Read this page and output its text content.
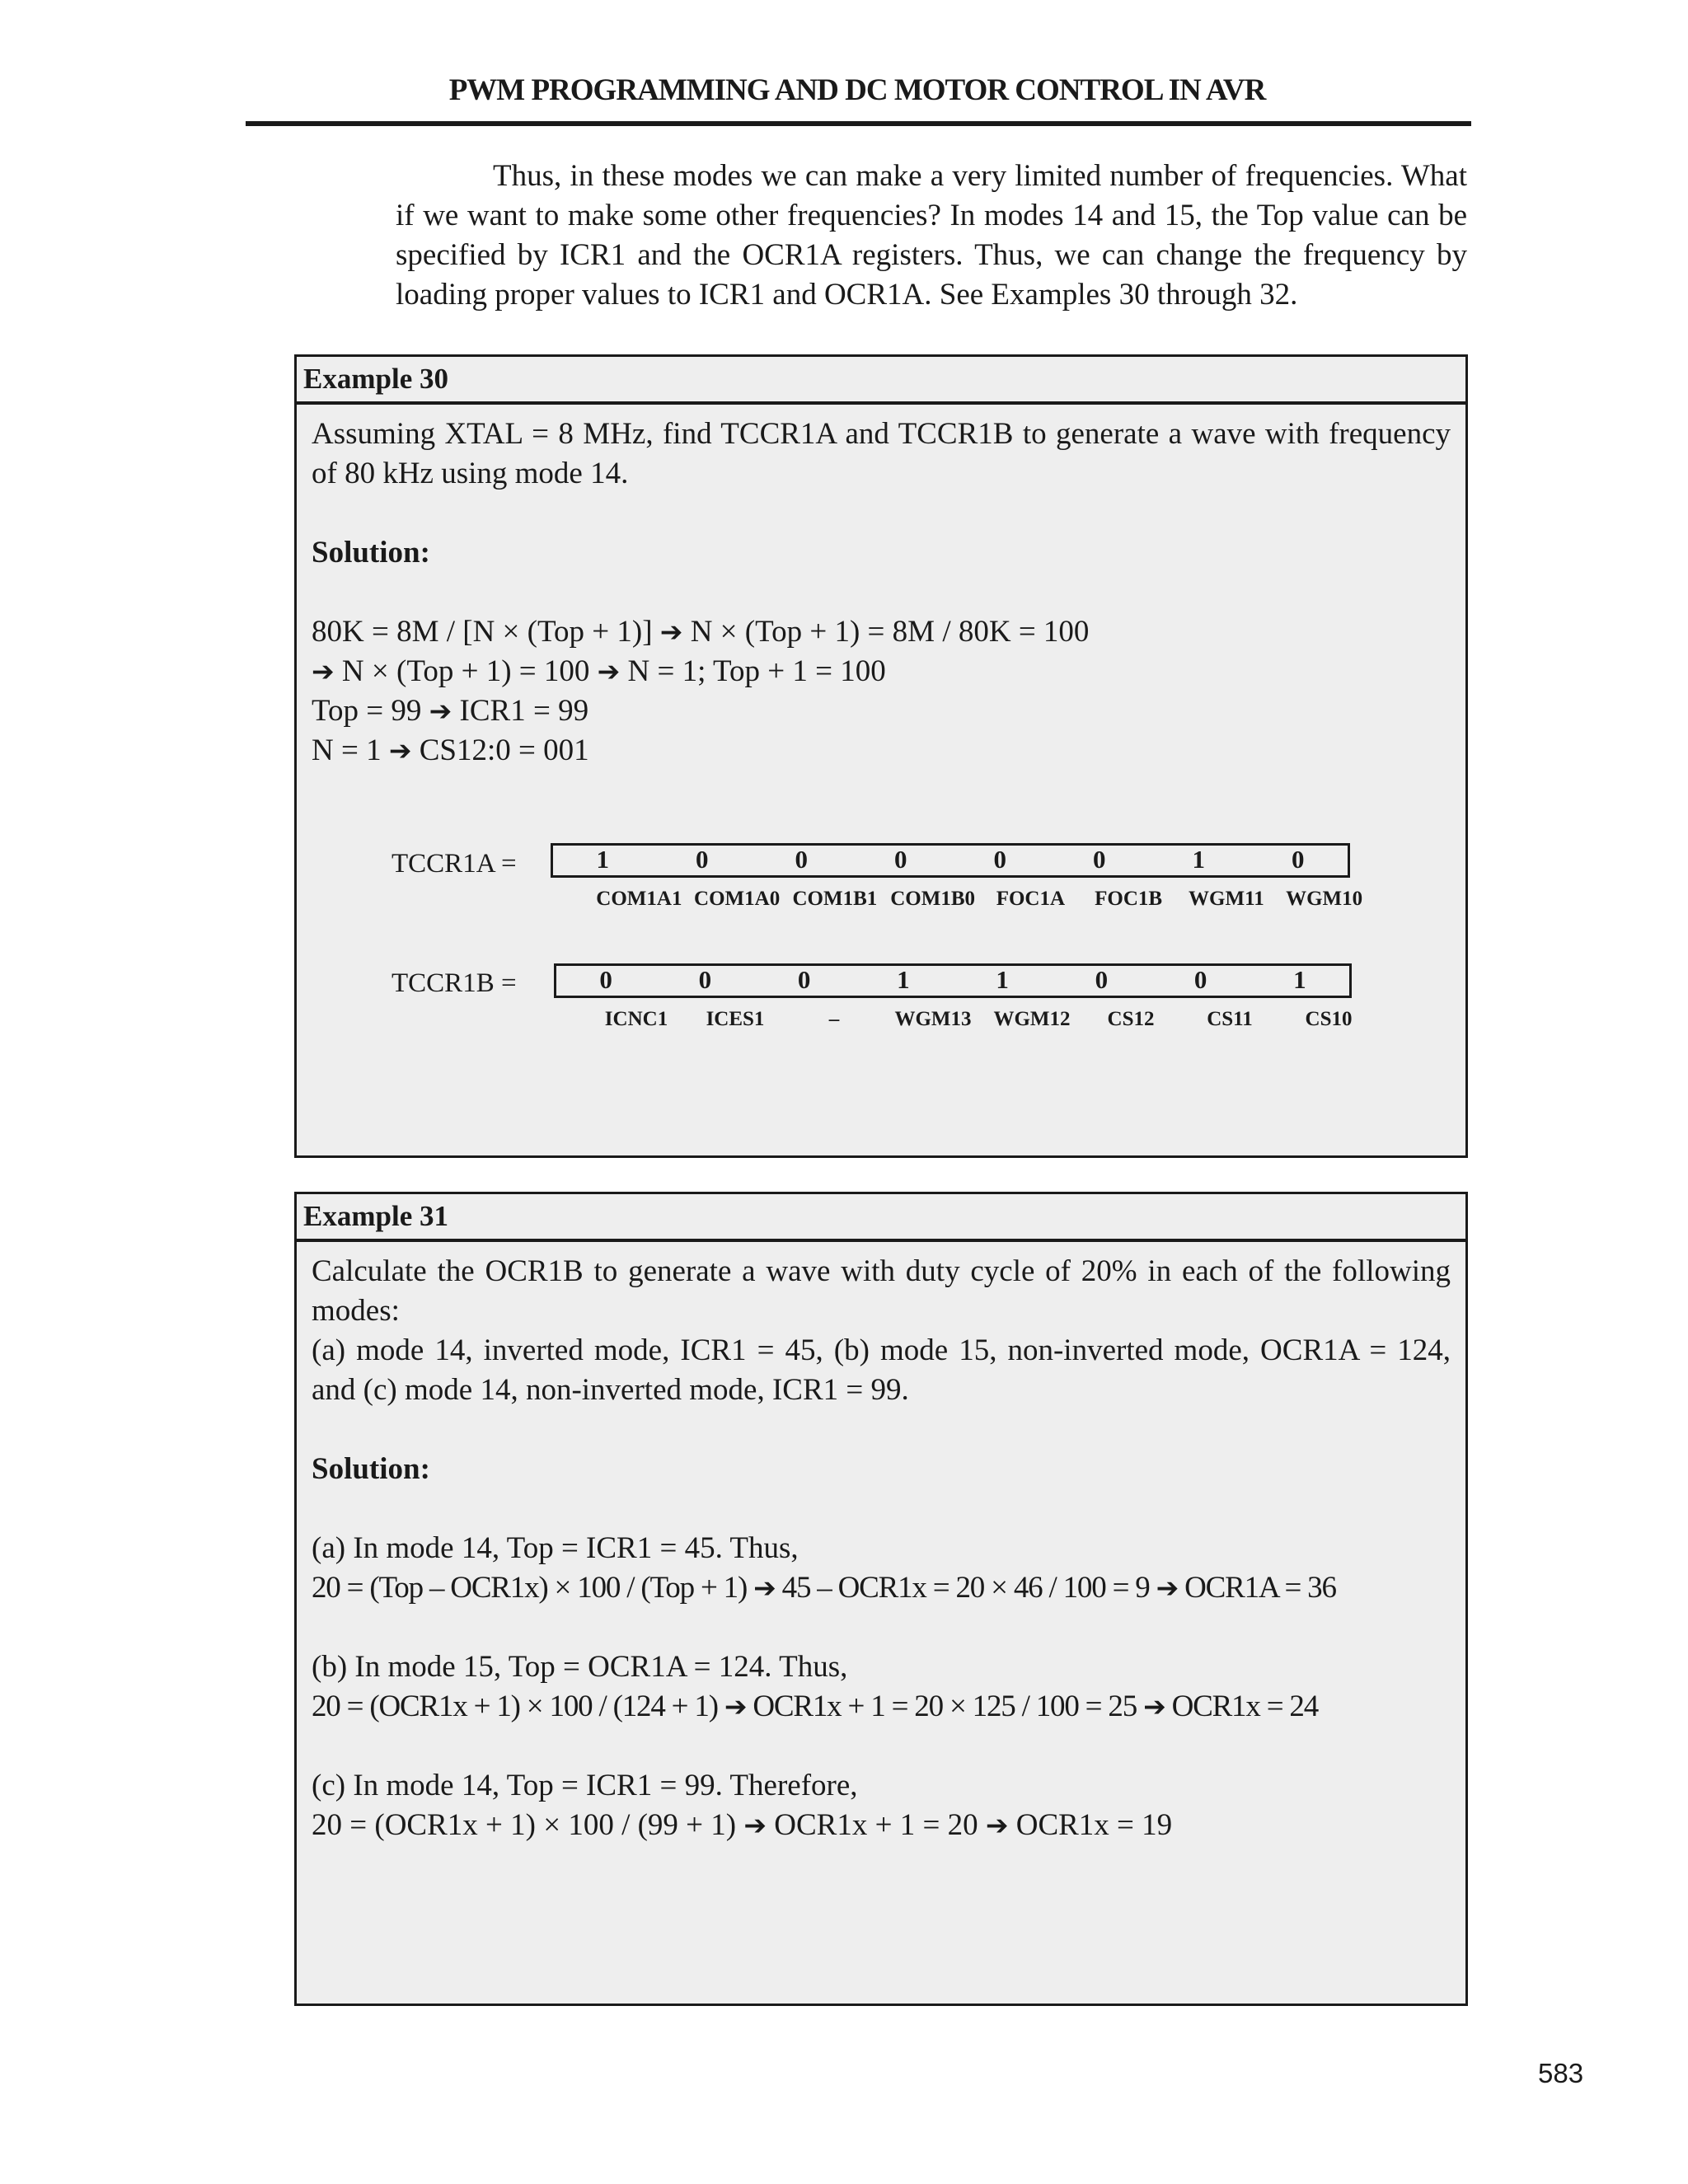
PWM PROGRAMMING AND DC MOTOR CONTROL IN AVR

Thus, in these modes we can make a very limited number of frequencies. What if we want to make some other frequencies? In modes 14 and 15, the Top value can be specified by ICR1 and the OCR1A registers. Thus, we can change the frequency by loading proper values to ICR1 and OCR1A. See Examples 30 through 32.

Example 30

Assuming XTAL = 8 MHz, find TCCR1A and TCCR1B to generate a wave with frequency of 80 kHz using mode 14.

Solution:

80K = 8M / [N × (Top + 1)] ➔ N × (Top + 1) = 8M / 80K = 100

➔ N × (Top + 1) = 100 ➔ N = 1; Top + 1 = 100

Top = 99 ➔ ICR1 = 99

N = 1 ➔ CS12:0 = 001

TCCR1A =	1	0	0	0	0	0	1	0
COM1A1 COM1A0 COM1B1 COM1B0	FOC1A	FOC1B	WGM11	WGM10
TCCR1B =	0	0	0	1	1	0	0	1
ICNC1	ICES1	–	WGM13	WGM12	CS12	CS11	CS10
Example 31

Calculate the OCR1B to generate a wave with duty cycle of 20% in each of the following modes:

(a) mode 14, inverted mode, ICR1 = 45, (b) mode 15, non-inverted mode, OCR1A = 124, and (c) mode 14, non-inverted mode, ICR1 = 99.

Solution:

(a) In mode 14, Top = ICR1 = 45. Thus,

20 = (Top – OCR1x) × 100 / (Top + 1) ➔ 45 – OCR1x = 20 × 46 / 100 = 9 ➔ OCR1A = 36

(b) In mode 15, Top = OCR1A = 124. Thus,

20 = (OCR1x + 1) × 100 / (124 + 1) ➔ OCR1x + 1 = 20 × 125 / 100 = 25 ➔ OCR1x = 24

(c) In mode 14, Top = ICR1 = 99. Therefore,

20 = (OCR1x + 1) × 100 / (99 + 1) ➔ OCR1x + 1 = 20 ➔ OCR1x = 19

583
